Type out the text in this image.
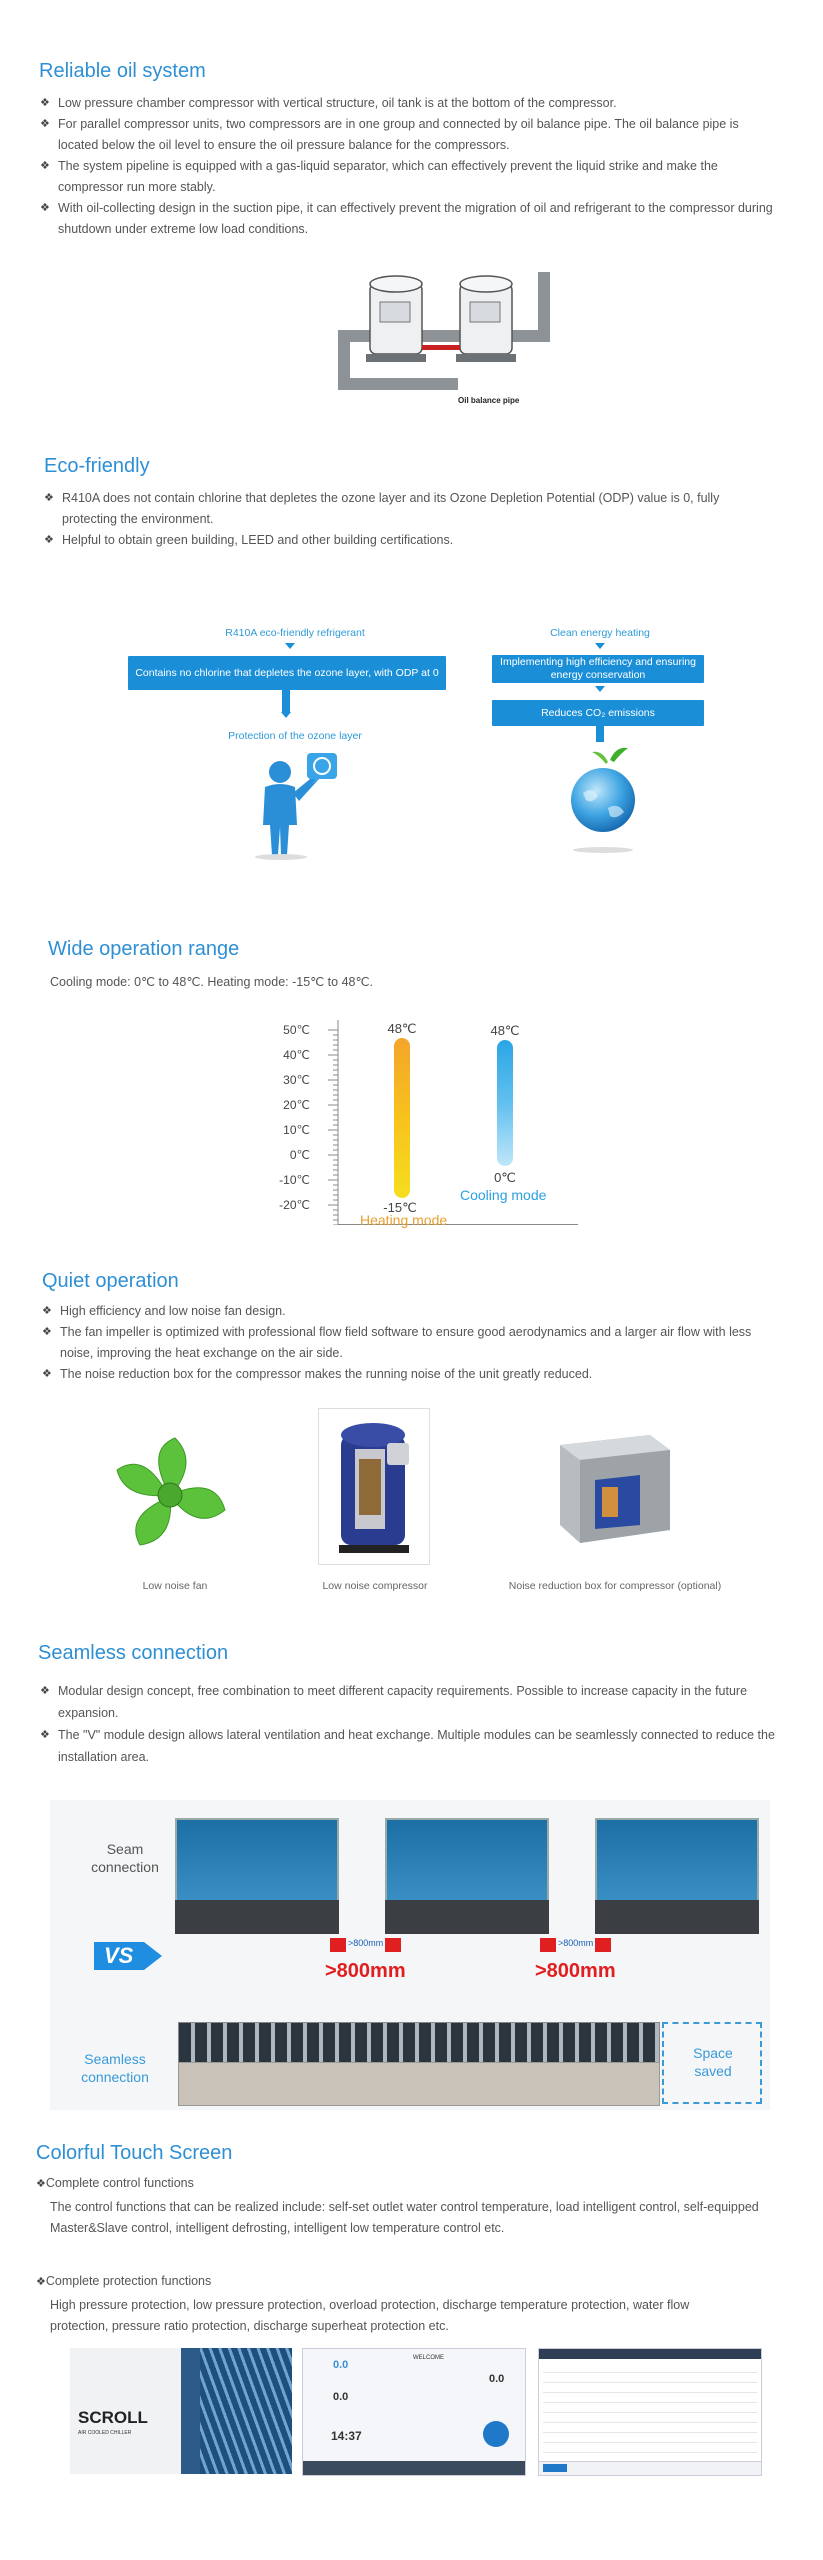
Reliable oil system
❖ Low pressure chamber compressor with vertical structure, oil tank is at the bottom of the compressor.
❖ For parallel compressor units, two compressors are in one group and connected by oil balance pipe. The oil balance pipe is located below the oil level to ensure the oil pressure balance for the compressors.
❖ The system pipeline is equipped with a gas-liquid separator, which can effectively prevent the liquid strike and make the compressor run more stably.
❖ With oil-collecting design in the suction pipe, it can effectively prevent the migration of oil and refrigerant to the compressor during shutdown under extreme low load conditions.
Oil balance pipe
Eco-friendly
❖ R410A does not contain chlorine that depletes the ozone layer and its Ozone Depletion Potential (ODP) value is 0, fully protecting the environment.
❖ Helpful to obtain green building, LEED and other building certifications.
R410A eco-friendly refrigerant
Contains no chlorine that depletes the ozone layer, with ODP at 0
Protection of the ozone layer
Clean energy heating
Implementing high efficiency and ensuring energy conservation
Reduces CO₂ emissions
Wide operation range

Cooling mode: 0℃ to 48℃. Heating mode: -15℃ to 48℃.

50℃
40℃
30℃
20℃
10℃
0℃
-10℃
-20℃
48℃
-15℃
Heating mode
48℃
0℃
Cooling mode
Quiet operation
❖ High efficiency and low noise fan design.
❖ The fan impeller is optimized with professional flow field software to ensure good aerodynamics and a larger air flow with less noise, improving the heat exchange on the air side.
❖ The noise reduction box for the compressor makes the running noise of the unit greatly reduced.
Low noise fan	Low noise compressor	Noise reduction box for compressor (optional)
Seamless connection
❖ Modular design concept, free combination to meet different capacity requirements. Possible to increase capacity in the future expansion.
❖ The "V" module design allows lateral ventilation and heat exchange. Multiple modules can be seamlessly connected to reduce the installation area.
Seam connection
VS	>800mm
>800mm
>800mm
>800mm
Seamless connection
Space saved
Colorful Touch Screen
❖Complete control functions

The control functions that can be realized include: self-set outlet water control temperature, load intelligent control, self-equipped Master&Slave control, intelligent defrosting, intelligent low temperature control etc.

❖Complete protection functions

High pressure protection, low pressure protection, overload protection, discharge temperature protection, water flow protection, pressure ratio protection, discharge superheat protection etc.

SCROLL
AIR COOLED CHILLER
0.0
0.0
14:37
WELCOME
0.0
